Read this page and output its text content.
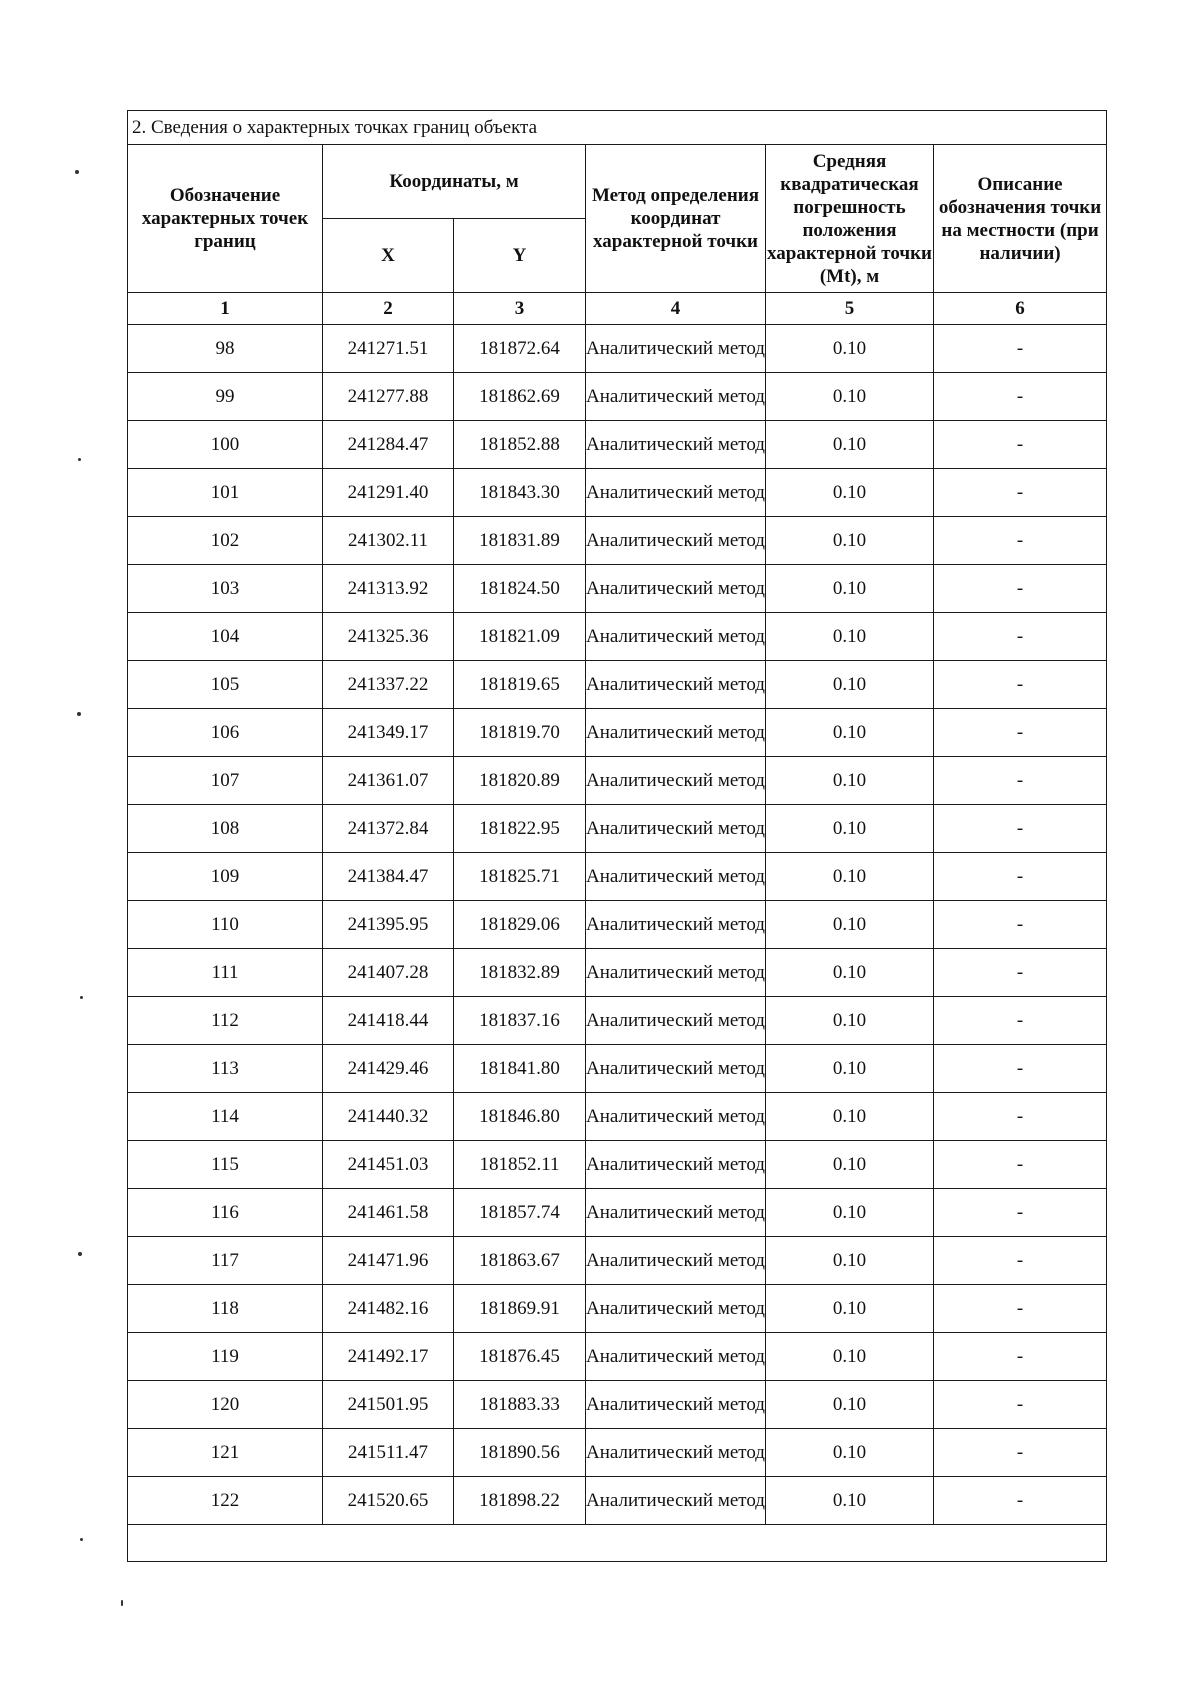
2. Сведения о характерных точках границ объекта					
Обозначение характерных точек границ	Координаты, м		Метод определения координат характерной точки	Средняя квадратическая погрешность положения характерной точки (Mt), м	Описание обозначения точки на местности (при наличии)
	X	Y			
1	2	3	4	5	6
98	241271.51	181872.64	Аналитический метод	0.10	-
99	241277.88	181862.69	Аналитический метод	0.10	-
100	241284.47	181852.88	Аналитический метод	0.10	-
101	241291.40	181843.30	Аналитический метод	0.10	-
102	241302.11	181831.89	Аналитический метод	0.10	-
103	241313.92	181824.50	Аналитический метод	0.10	-
104	241325.36	181821.09	Аналитический метод	0.10	-
105	241337.22	181819.65	Аналитический метод	0.10	-
106	241349.17	181819.70	Аналитический метод	0.10	-
107	241361.07	181820.89	Аналитический метод	0.10	-
108	241372.84	181822.95	Аналитический метод	0.10	-
109	241384.47	181825.71	Аналитический метод	0.10	-
110	241395.95	181829.06	Аналитический метод	0.10	-
111	241407.28	181832.89	Аналитический метод	0.10	-
112	241418.44	181837.16	Аналитический метод	0.10	-
113	241429.46	181841.80	Аналитический метод	0.10	-
114	241440.32	181846.80	Аналитический метод	0.10	-
115	241451.03	181852.11	Аналитический метод	0.10	-
116	241461.58	181857.74	Аналитический метод	0.10	-
117	241471.96	181863.67	Аналитический метод	0.10	-
118	241482.16	181869.91	Аналитический метод	0.10	-
119	241492.17	181876.45	Аналитический метод	0.10	-
120	241501.95	181883.33	Аналитический метод	0.10	-
121	241511.47	181890.56	Аналитический метод	0.10	-
122	241520.65	181898.22	Аналитический метод	0.10	-
